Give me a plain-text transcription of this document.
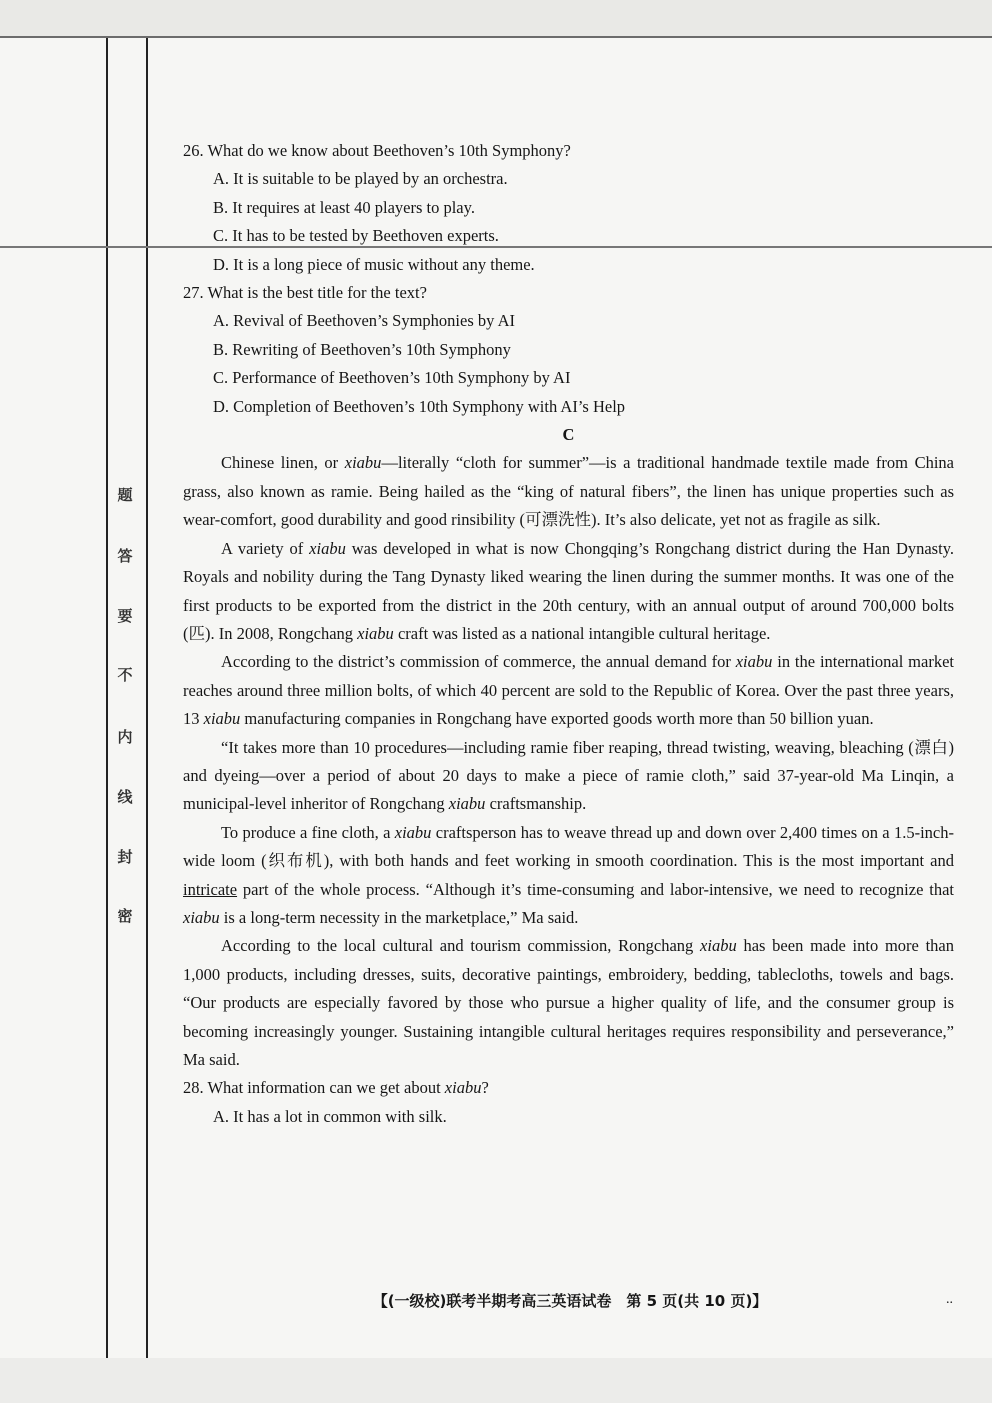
题
答
要
不
内
线
封
密
26. What do we know about Beethoven’s 10th Symphony?
A. It is suitable to be played by an orchestra.
B. It requires at least 40 players to play.
C. It has to be tested by Beethoven experts.
D. It is a long piece of music without any theme.
27. What is the best title for the text?
A. Revival of Beethoven’s Symphonies by AI
B. Rewriting of Beethoven’s 10th Symphony
C. Performance of Beethoven’s 10th Symphony by AI
D. Completion of Beethoven’s 10th Symphony with AI’s Help
C

Chinese linen, or xiabu—literally “cloth for summer”—is a traditional handmade textile made from China grass, also known as ramie. Being hailed as the “king of natural fibers”, the linen has unique properties such as wear-comfort, good durability and good rinsibility (可漂洗性). It’s also delicate, yet not as fragile as silk.

A variety of xiabu was developed in what is now Chongqing’s Rongchang district during the Han Dynasty. Royals and nobility during the Tang Dynasty liked wearing the linen during the summer months. It was one of the first products to be exported from the district in the 20th century, with an annual output of around 700,000 bolts (匹). In 2008, Rongchang xiabu craft was listed as a national intangible cultural heritage.

According to the district’s commission of commerce, the annual demand for xiabu in the international market reaches around three million bolts, of which 40 percent are sold to the Republic of Korea. Over the past three years, 13 xiabu manufacturing companies in Rongchang have exported goods worth more than 50 billion yuan.

“It takes more than 10 procedures—including ramie fiber reaping, thread twisting, weaving, bleaching (漂白) and dyeing—over a period of about 20 days to make a piece of ramie cloth,” said 37-year-old Ma Linqin, a municipal-level inheritor of Rongchang xiabu craftsmanship.

To produce a fine cloth, a xiabu craftsperson has to weave thread up and down over 2,400 times on a 1.5-inch-wide loom (织布机), with both hands and feet working in smooth coordination. This is the most important and intricate part of the whole process. “Although it’s time-consuming and labor-intensive, we need to recognize that xiabu is a long-term necessity in the marketplace,” Ma said.

According to the local cultural and tourism commission, Rongchang xiabu has been made into more than 1,000 products, including dresses, suits, decorative paintings, embroidery, bedding, tablecloths, towels and bags. “Our products are especially favored by those who pursue a higher quality of life, and the consumer group is becoming increasingly younger. Sustaining intangible cultural heritages requires responsibility and perseverance,” Ma said.

28. What information can we get about xiabu?
A. It has a lot in common with silk.
【(一级校)联考半期考高三英语试卷　第 5 页(共 10 页)】	..
